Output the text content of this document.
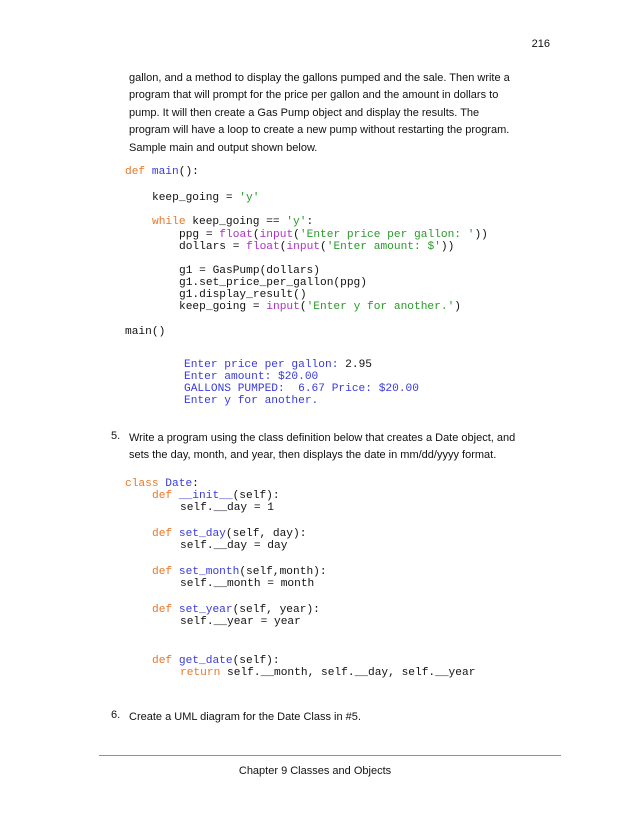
216
gallon, and a method to display the gallons pumped and the sale. Then write a
program that will prompt for the price per gallon and the amount in dollars to
pump. It will then create a Gas Pump object and display the results. The
program will have a loop to create a new pump without restarting the program.
Sample main and output shown below.
def main():
keep_going = 'y'
while keep_going == 'y':
ppg = float(input('Enter price per gallon: '))
dollars = float(input('Enter amount: $'))
g1 = GasPump(dollars)
g1.set_price_per_gallon(ppg)
g1.display_result()
keep_going = input('Enter y for another.')
main()
Enter price per gallon: 2.95
Enter amount: $20.00
GALLONS PUMPED:  6.67 Price: $20.00
Enter y for another.
5. Write a program using the class definition below that creates a Date object, and
sets the day, month, and year, then displays the date in mm/dd/yyyy format.
class Date:
def __init__(self):
self.__day = 1
def set_day(self, day):
self.__day = day
def set_month(self,month):
self.__month = month
def set_year(self, year):
self.__year = year
def get_date(self):
return self.__month, self.__day, self.__year
6. Create a UML diagram for the Date Class in #5.
Chapter 9 Classes and Objects
